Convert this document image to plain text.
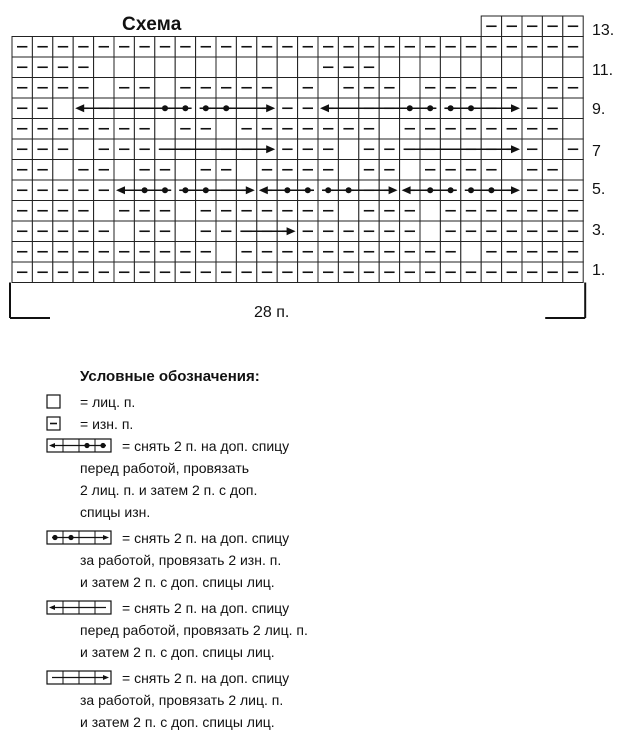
Схема	13.
11.
9.
7
5.
3.
1.
28 п.
Условные обозначения:
= лиц. п.
= изн. п.
= снять 2 п. на доп. спицу
перед работой, провязать
2 лиц. п. и затем 2 п. с доп.
спицы изн.
= снять 2 п. на доп. спицу
за работой, провязать 2 изн. п.
и затем 2 п. с доп. спицы лиц.
= снять 2 п. на доп. спицу
перед работой, провязать 2 лиц. п.
и затем 2 п. с доп. спицы лиц.
= снять 2 п. на доп. спицу
за работой, провязать 2 лиц. п.
и затем 2 п. с доп. спицы лиц.
